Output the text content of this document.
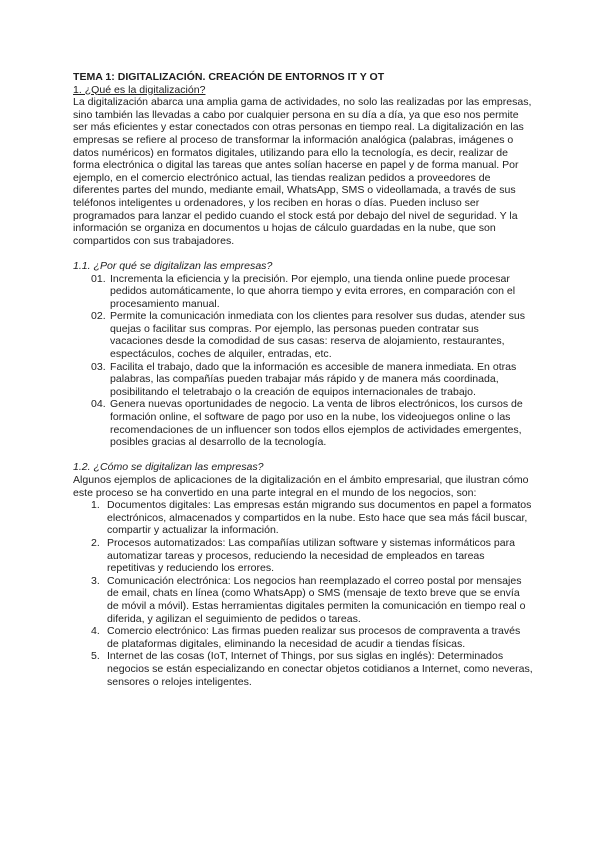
TEMA 1: DIGITALIZACIÓN. CREACIÓN DE ENTORNOS IT Y OT

1. ¿Qué es la digitalización?

La digitalización abarca una amplia gama de actividades, no solo las realizadas por las empresas, sino también las llevadas a cabo por cualquier persona en su día a día, ya que eso nos permite ser más eficientes y estar conectados con otras personas en tiempo real. La digitalización en las empresas se refiere al proceso de transformar la información analógica (palabras, imágenes o datos numéricos) en formatos digitales, utilizando para ello la tecnología, es decir, realizar de forma electrónica o digital las tareas que antes solían hacerse en papel y de forma manual. Por ejemplo, en el comercio electrónico actual, las tiendas realizan pedidos a proveedores de diferentes partes del mundo, mediante email, WhatsApp, SMS o videollamada, a través de sus teléfonos inteligentes u ordenadores, y los reciben en horas o días. Pueden incluso ser programados para lanzar el pedido cuando el stock está por debajo del nivel de seguridad. Y la información se organiza en documentos u hojas de cálculo guardadas en la nube, que son compartidos con sus trabajadores.

1.1. ¿Por qué se digitalizan las empresas?

01. Incrementa la eficiencia y la precisión. Por ejemplo, una tienda online puede procesar pedidos automáticamente, lo que ahorra tiempo y evita errores, en comparación con el procesamiento manual.
02. Permite la comunicación inmediata con los clientes para resolver sus dudas, atender sus quejas o facilitar sus compras. Por ejemplo, las personas pueden contratar sus vacaciones desde la comodidad de sus casas: reserva de alojamiento, restaurantes, espectáculos, coches de alquiler, entradas, etc.
03. Facilita el trabajo, dado que la información es accesible de manera inmediata. En otras palabras, las compañías pueden trabajar más rápido y de manera más coordinada, posibilitando el teletrabajo o la creación de equipos internacionales de trabajo.
04. Genera nuevas oportunidades de negocio. La venta de libros electrónicos, los cursos de formación online, el software de pago por uso en la nube, los videojuegos online o las recomendaciones de un influencer son todos ellos ejemplos de actividades emergentes, posibles gracias al desarrollo de la tecnología.

1.2. ¿Cómo se digitalizan las empresas?

Algunos ejemplos de aplicaciones de la digitalización en el ámbito empresarial, que ilustran cómo este proceso se ha convertido en una parte integral en el mundo de los negocios, son:

1. Documentos digitales: Las empresas están migrando sus documentos en papel a formatos electrónicos, almacenados y compartidos en la nube. Esto hace que sea más fácil buscar, compartir y actualizar la información.
2. Procesos automatizados: Las compañías utilizan software y sistemas informáticos para automatizar tareas y procesos, reduciendo la necesidad de empleados en tareas repetitivas y reduciendo los errores.
3. Comunicación electrónica: Los negocios han reemplazado el correo postal por mensajes de email, chats en línea (como WhatsApp) o SMS (mensaje de texto breve que se envía de móvil a móvil). Estas herramientas digitales permiten la comunicación en tiempo real o diferida, y agilizan el seguimiento de pedidos o tareas.
4. Comercio electrónico: Las firmas pueden realizar sus procesos de compraventa a través de plataformas digitales, eliminando la necesidad de acudir a tiendas físicas.
5. Internet de las cosas (IoT, Internet of Things, por sus siglas en inglés): Determinados negocios se están especializando en conectar objetos cotidianos a Internet, como neveras, sensores o relojes inteligentes.
